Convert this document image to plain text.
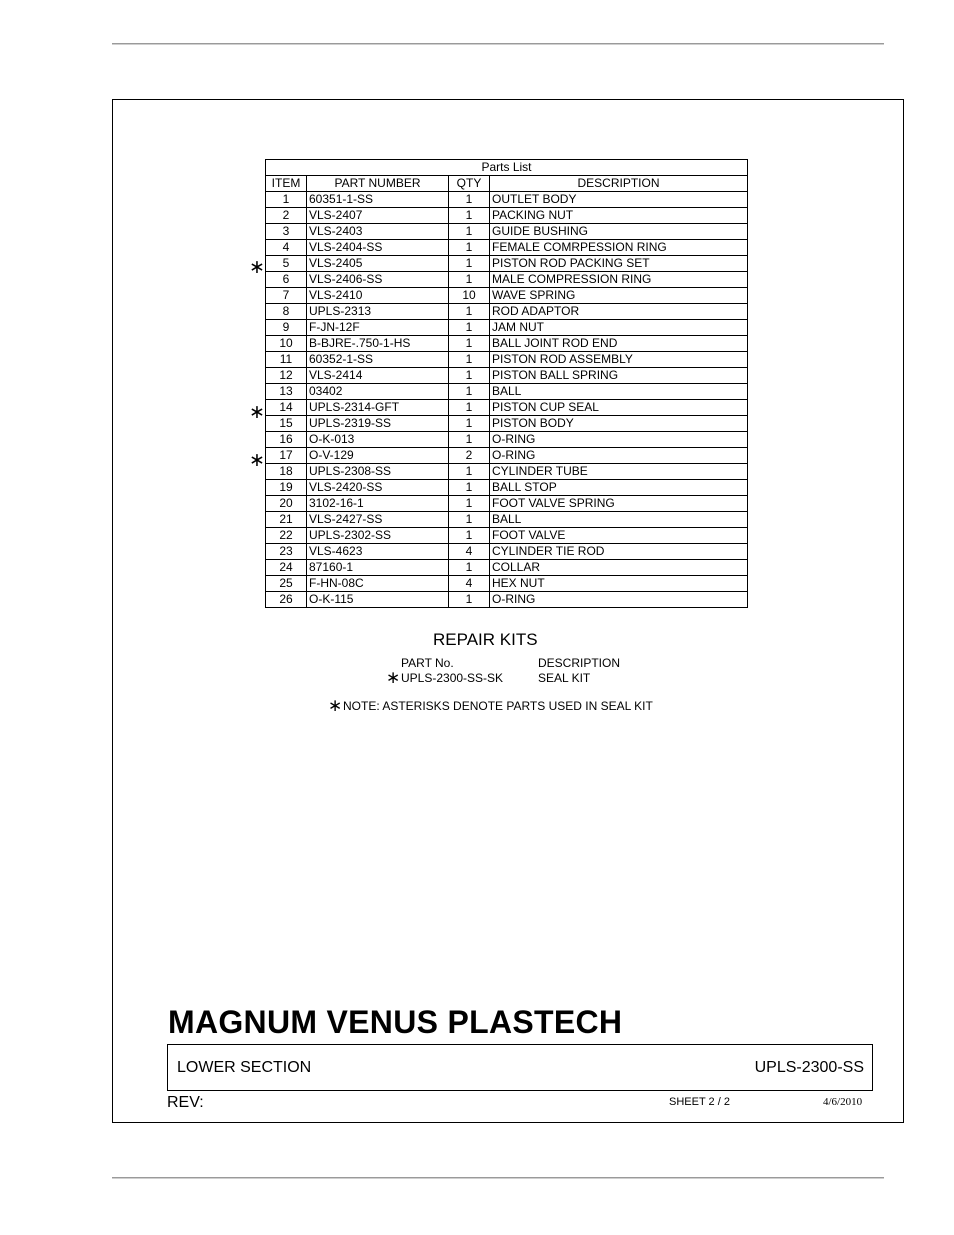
Parts List			
ITEM	PART NUMBER	QTY	DESCRIPTION
1	60351-1-SS	1	OUTLET BODY
2	VLS-2407	1	PACKING NUT
3	VLS-2403	1	GUIDE BUSHING
4	VLS-2404-SS	1	FEMALE COMRPESSION RING
5	VLS-2405	1	PISTON ROD PACKING SET
6	VLS-2406-SS	1	MALE COMPRESSION RING
7	VLS-2410	10	WAVE SPRING
8	UPLS-2313	1	ROD ADAPTOR
9	F-JN-12F	1	JAM NUT
10	B-BJRE-.750-1-HS	1	BALL JOINT ROD END
11	60352-1-SS	1	PISTON ROD ASSEMBLY
12	VLS-2414	1	PISTON BALL SPRING
13	03402	1	BALL
14	UPLS-2314-GFT	1	PISTON CUP SEAL
15	UPLS-2319-SS	1	PISTON BODY
16	O-K-013	1	O-RING
17	O-V-129	2	O-RING
18	UPLS-2308-SS	1	CYLINDER TUBE
19	VLS-2420-SS	1	BALL STOP
20	3102-16-1	1	FOOT VALVE SPRING
21	VLS-2427-SS	1	BALL
22	UPLS-2302-SS	1	FOOT VALVE
23	VLS-4623	4	CYLINDER TIE ROD
24	87160-1	1	COLLAR
25	F-HN-08C	4	HEX NUT
26	O-K-115	1	O-RING
∗
∗
∗
REPAIR KITS
PART No.	DESCRIPTION
∗ UPLS-2300-SS-SK	SEAL KIT
∗ NOTE: ASTERISKS DENOTE PARTS USED IN SEAL KIT
MAGNUM VENUS PLASTECH
LOWER SECTION	UPLS-2300-SS
REV:	SHEET 2 / 2	4/6/2010
